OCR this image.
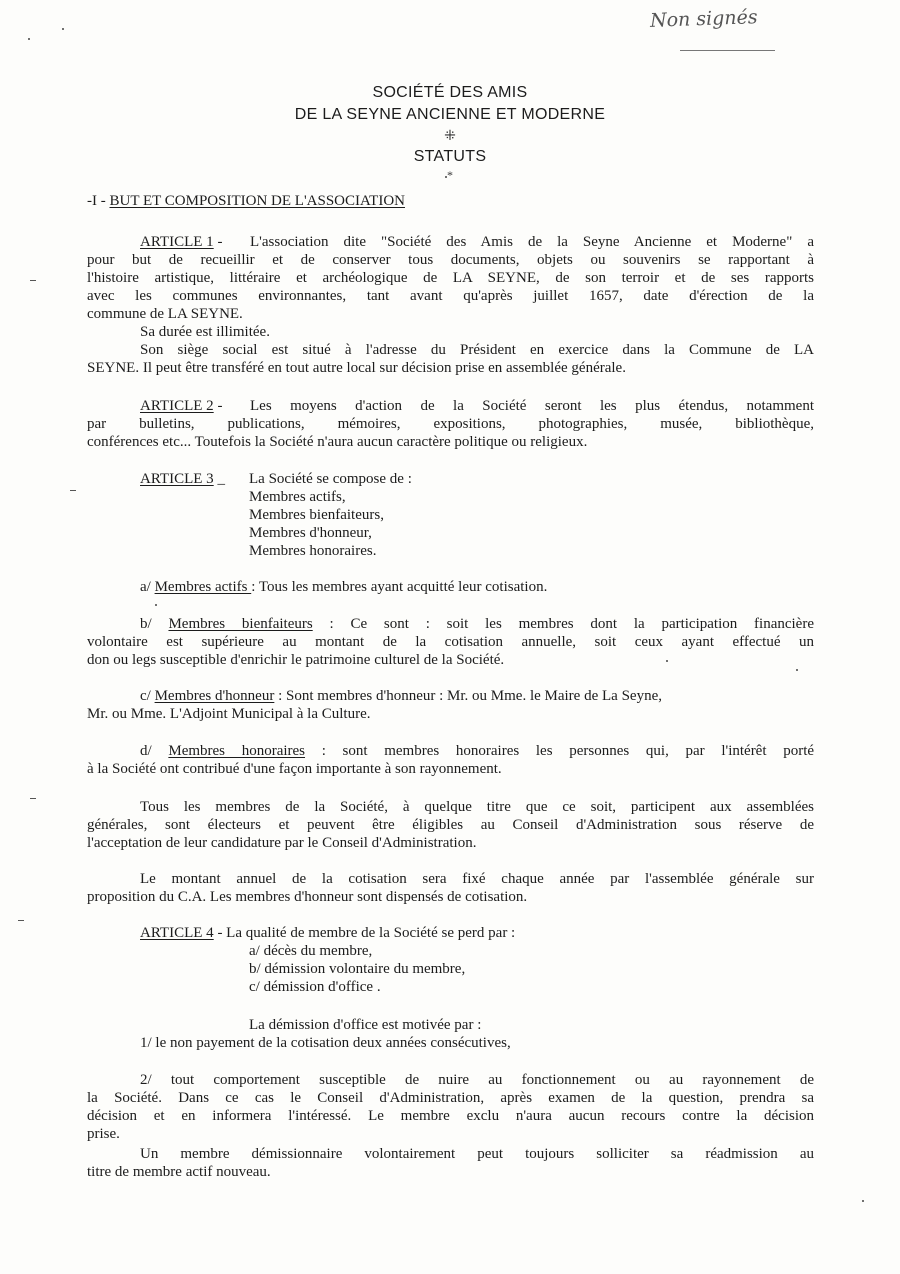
Non signés
SOCIÉTÉ DES AMIS
DE LA SEYNE ANCIENNE ET MODERNE
⁜
STATUTS
*
-I - BUT ET COMPOSITION DE L'ASSOCIATION
ARTICLE 1 - L'association dite "Société des Amis de la Seyne Ancienne et Moderne" a
pour but de recueillir et de conserver tous documents, objets ou souvenirs se rapportant à
l'histoire artistique, littéraire et archéologique de LA SEYNE, de son terroir et de ses rapports
avec les communes environnantes, tant avant qu'après juillet 1657, date d'érection de la
commune de LA SEYNE.
Sa durée est illimitée.
Son siège social est situé à l'adresse du Président en exercice dans la Commune de LA
SEYNE. Il peut être transféré en tout autre local sur décision prise en assemblée générale.
ARTICLE 2 - Les moyens d'action de la Société seront les plus étendus, notamment
par bulletins, publications, mémoires, expositions, photographies, musée, bibliothèque,
conférences etc... Toutefois la Société n'aura aucun caractère politique ou religieux.
ARTICLE 3 _ La Société se compose de :
Membres actifs,
Membres bienfaiteurs,
Membres d'honneur,
Membres honoraires.
a/ Membres actifs : Tous les membres ayant acquitté leur cotisation.
b/ Membres bienfaiteurs : Ce sont : soit les membres dont la participation financière
volontaire est supérieure au montant de la cotisation annuelle, soit ceux ayant effectué un
don ou legs susceptible d'enrichir le patrimoine culturel de la Société.
c/ Membres d'honneur : Sont membres d'honneur : Mr. ou Mme. le Maire de La Seyne,
Mr. ou Mme. L'Adjoint Municipal à la Culture.
d/ Membres honoraires : sont membres honoraires les personnes qui, par l'intérêt porté
à la Société ont contribué d'une façon importante à son rayonnement.
Tous les membres de la Société, à quelque titre que ce soit, participent aux assemblées
générales, sont électeurs et peuvent être éligibles au Conseil d'Administration sous réserve de
l'acceptation de leur candidature par le Conseil d'Administration.
Le montant annuel de la cotisation sera fixé chaque année par l'assemblée générale sur
proposition du C.A. Les membres d'honneur sont dispensés de cotisation.
ARTICLE 4 - La qualité de membre de la Société se perd par :
a/ décès du membre,
b/ démission volontaire du membre,
c/ démission d'office .
La démission d'office est motivée par :
1/ le non payement de la cotisation deux années consécutives,
2/ tout comportement susceptible de nuire au fonctionnement ou au rayonnement de
la Société. Dans ce cas le Conseil d'Administration, après examen de la question, prendra sa
décision et en informera l'intéressé. Le membre exclu n'aura aucun recours contre la décision
prise.
Un membre démissionnaire volontairement peut toujours solliciter sa réadmission au
titre de membre actif nouveau.
